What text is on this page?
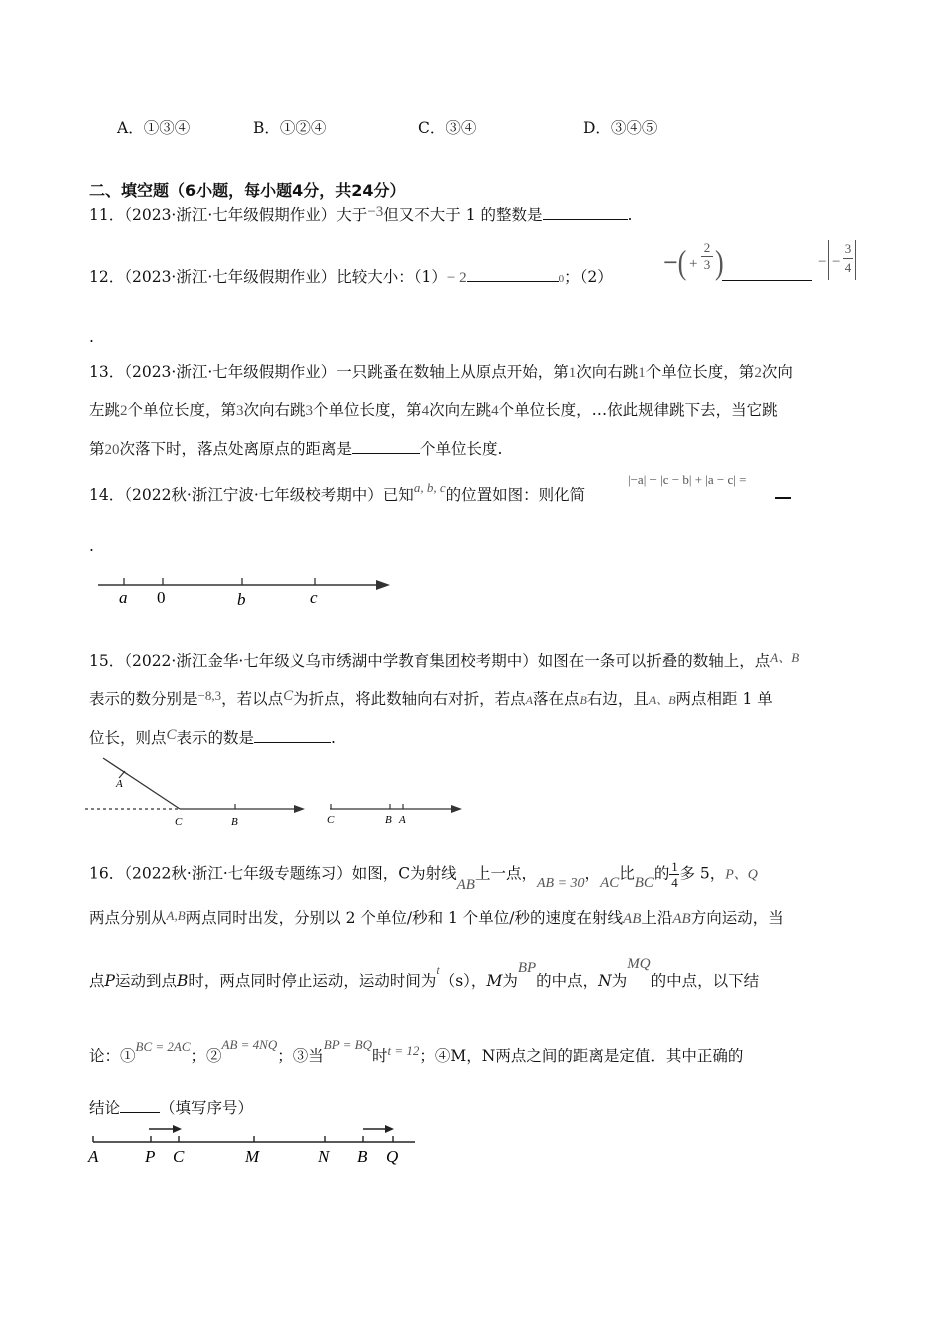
A．①③④	B．①②④	C．③④	D．③④⑤
二、填空题（6小题，每小题4分，共24分）
11．（2023·浙江·七年级假期作业）大于−3但又不大于 1 的整数是	.
12．（2023·浙江·七年级假期作业）比较大小：（1）− 2	0；（2） −( + $\frac{2}{3}$ )	− − $\frac{3}{4}$
.
13．（2023·浙江·七年级假期作业）一只跳蚤在数轴上从原点开始，第1次向右跳1个单位长度，第2次向
左跳2个单位长度，第3次向右跳3个单位长度，第4次向左跳4个单位长度，…依此规律跳下去，当它跳
第20次落下时，落点处离原点的距离是	个单位长度.
14．（2022秋·浙江宁波·七年级校考期中）已知$^{a, b, c}$的位置如图：则化简
|−a| − |c − b| + |a − c| =
.
a 0	b	c
15．（2022·浙江金华·七年级义乌市绣湖中学教育集团校考期中）如图在一条可以折叠的数轴上，点$^{A、B}$
表示的数分别是$^{-8,3}$，若以点C为折点，将此数轴向右对折，若点A落在点B右边，且A、B两点相距 1 单
位长，则点C表示的数是	.
A
C	B	C	B A
16．（2022秋·浙江·七年级专题练习）如图，C为射线AB上一点，AB = 30，AC比BC的 $\frac{1}{4}$ 多 5，P、Q
两点分别从A,B两点同时出发，分别以 2 个单位/秒和 1 个单位/秒的速度在射线AB上沿AB方向运动，当
点P运动到点B时，两点同时停止运动，运动时间为$^t$（s），M为BP的中点，N为MQ的中点，以下结
论：①$^{BC = 2AC}$；②$^{AB = 4NQ}$；③当$^{BP = BQ}$时$^{t = 12}$；④M，N两点之间的距离是定值．其中正确的
结论	（填写序号）
A	P C	M	N B Q
